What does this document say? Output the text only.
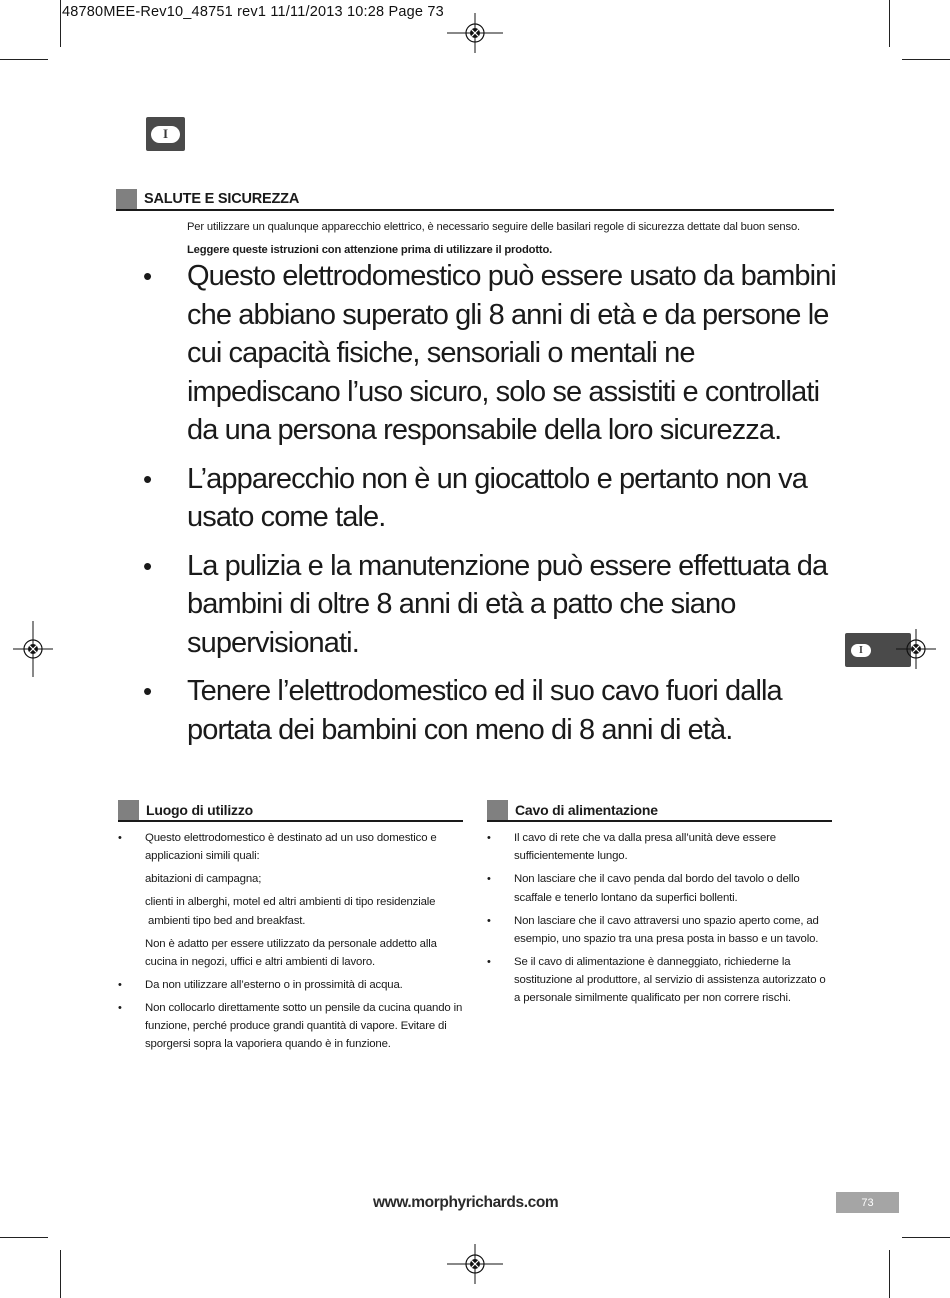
48780MEE-Rev10_48751 rev1 11/11/2013 10:28 Page 73
I
I
SALUTE E SICUREZZA
Per utilizzare un qualunque apparecchio elettrico, è necessario seguire delle basilari regole di sicurezza dettate dal buon senso.
Leggere queste istruzioni con attenzione prima di utilizzare il prodotto.
• Questo elettrodomestico può essere usato da bambini che abbiano superato gli 8 anni di età e da persone le cui capacità fisiche, sensoriali o mentali ne impediscano l’uso sicuro, solo se assistiti e controllati da una persona responsabile della loro sicurezza.
• L’apparecchio non è un giocattolo e pertanto non va usato come tale.
• La pulizia e la manutenzione può essere effettuata da bambini di oltre 8 anni di età a patto che siano supervisionati.
• Tenere l’elettrodomestico ed il suo cavo fuori dalla portata dei bambini con meno di 8 anni di età.
Luogo di utilizzo
• Questo elettrodomestico è destinato ad un uso domestico e applicazioni simili quali:
abitazioni di campagna;
clienti in alberghi, motel ed altri ambienti di tipo residenziale
ambienti tipo bed and breakfast.
Non è adatto per essere utilizzato da personale addetto alla cucina in negozi, uffici e altri ambienti di lavoro.
• Da non utilizzare all’esterno o in prossimità di acqua.
• Non collocarlo direttamente sotto un pensile da cucina quando in funzione, perché produce grandi quantità di vapore. Evitare di sporgersi sopra la vaporiera quando è in funzione.
Cavo di alimentazione
• Il cavo di rete che va dalla presa all’unità deve essere sufficientemente lungo.
• Non lasciare che il cavo penda dal bordo del tavolo o dello scaffale e tenerlo lontano da superfici bollenti.
• Non lasciare che il cavo attraversi uno spazio aperto come, ad esempio, uno spazio tra una presa posta in basso e un tavolo.
• Se il cavo di alimentazione è danneggiato, richiederne la sostituzione al produttore, al servizio di assistenza autorizzato o a personale similmente qualificato per non correre rischi.
www.morphyrichards.com	73
